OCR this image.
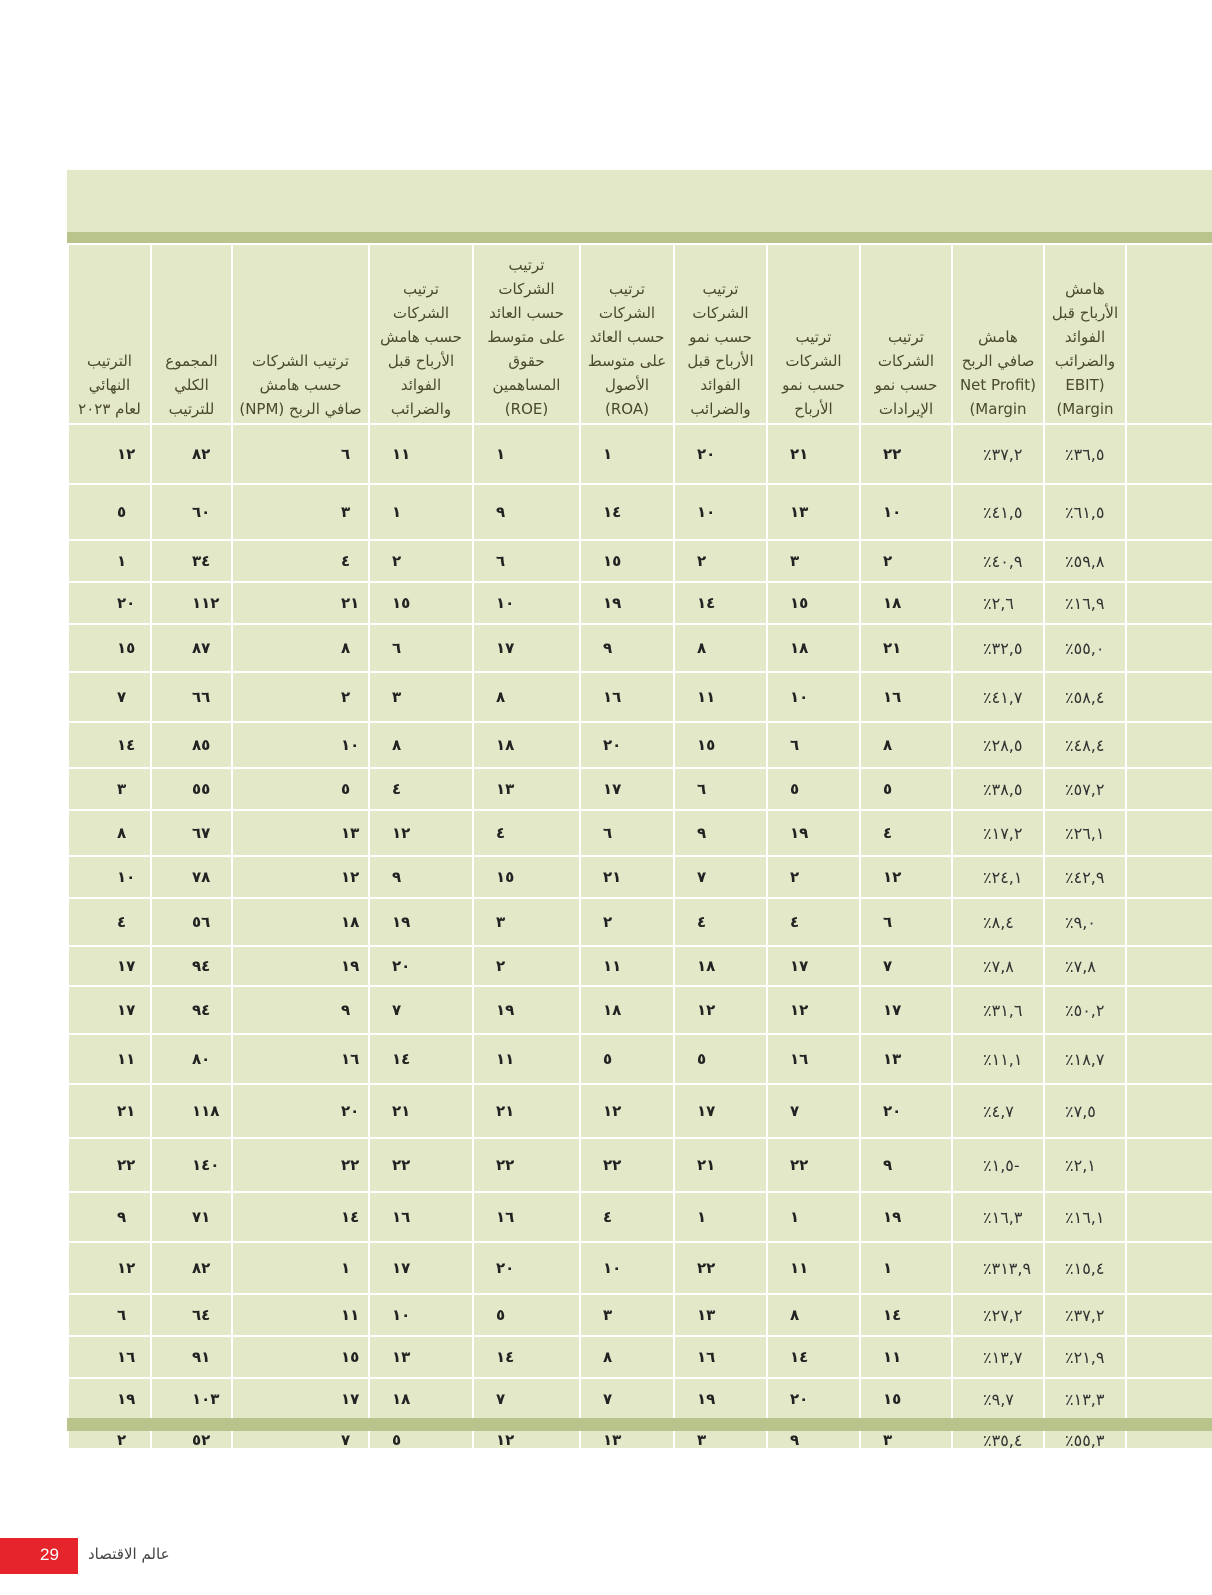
الترتيب النهائي لعام ٢٠٢٣	المجموع الكلي للترتيب	ترتيب الشركات حسب هامش صافي الربح (NPM)	ترتيب الشركات حسب هامش الأرباح قبل الفوائد والضرائب	ترتيب الشركات حسب العائد على متوسط حقوق المساهمين (ROE)	ترتيب الشركات حسب العائد على متوسط الأصول (ROA)	ترتيب الشركات حسب نمو الأرباح قبل الفوائد والضرائب	ترتيب الشركات حسب نمو الأرباح	ترتيب الشركات حسب نمو الإيرادات	هامش صافي الربح Net Profit) (Margin	هامش الأرباح قبل الفوائد والضرائب EBIT) (Margin	

١٢	٨٢	٦	١١	١	١	٢٠	٢١	٢٢	٪٣٧,٢	٪٣٦,٥	
٥	٦٠	٣	١	٩	١٤	١٠	١٣	١٠	٪٤١,٥	٪٦١,٥	
١	٣٤	٤	٢	٦	١٥	٢	٣	٢	٪٤٠,٩	٪٥٩,٨	
٢٠	١١٢	٢١	١٥	١٠	١٩	١٤	١٥	١٨	٪٢,٦	٪١٦,٩	
١٥	٨٧	٨	٦	١٧	٩	٨	١٨	٢١	٪٣٢,٥	٪٥٥,٠	
٧	٦٦	٢	٣	٨	١٦	١١	١٠	١٦	٪٤١,٧	٪٥٨,٤	
١٤	٨٥	١٠	٨	١٨	٢٠	١٥	٦	٨	٪٢٨,٥	٪٤٨,٤	
٣	٥٥	٥	٤	١٣	١٧	٦	٥	٥	٪٣٨,٥	٪٥٧,٢	
٨	٦٧	١٣	١٢	٤	٦	٩	١٩	٤	٪١٧,٢	٪٢٦,١	
١٠	٧٨	١٢	٩	١٥	٢١	٧	٢	١٢	٪٢٤,١	٪٤٢,٩	
٤	٥٦	١٨	١٩	٣	٢	٤	٤	٦	٪٨,٤	٪٩,٠	
١٧	٩٤	١٩	٢٠	٢	١١	١٨	١٧	٧	٪٧,٨	٪٧,٨	
١٧	٩٤	٩	٧	١٩	١٨	١٢	١٢	١٧	٪٣١,٦	٪٥٠,٢	
١١	٨٠	١٦	١٤	١١	٥	٥	١٦	١٣	٪١١,١	٪١٨,٧	
٢١	١١٨	٢٠	٢١	٢١	١٢	١٧	٧	٢٠	٪٤,٧	٪٧,٥	
٢٢	١٤٠	٢٢	٢٢	٢٢	٢٢	٢١	٢٢	٩	٪١,٥-	٪٢,١	
٩	٧١	١٤	١٦	١٦	٤	١	١	١٩	٪١٦,٣	٪١٦,١	
١٢	٨٢	١	١٧	٢٠	١٠	٢٢	١١	١	٪٣١٣,٩	٪١٥,٤	
٦	٦٤	١١	١٠	٥	٣	١٣	٨	١٤	٪٢٧,٢	٪٣٧,٢	
١٦	٩١	١٥	١٣	١٤	٨	١٦	١٤	١١	٪١٣,٧	٪٢١,٩	
١٩	١٠٣	١٧	١٨	٧	٧	١٩	٢٠	١٥	٪٩,٧	٪١٣,٣	
٢	٥٢	٧	٥	١٢	١٣	٣	٩	٣	٪٣٥,٤	٪٥٥,٣	
29 عالم الاقتصاد
